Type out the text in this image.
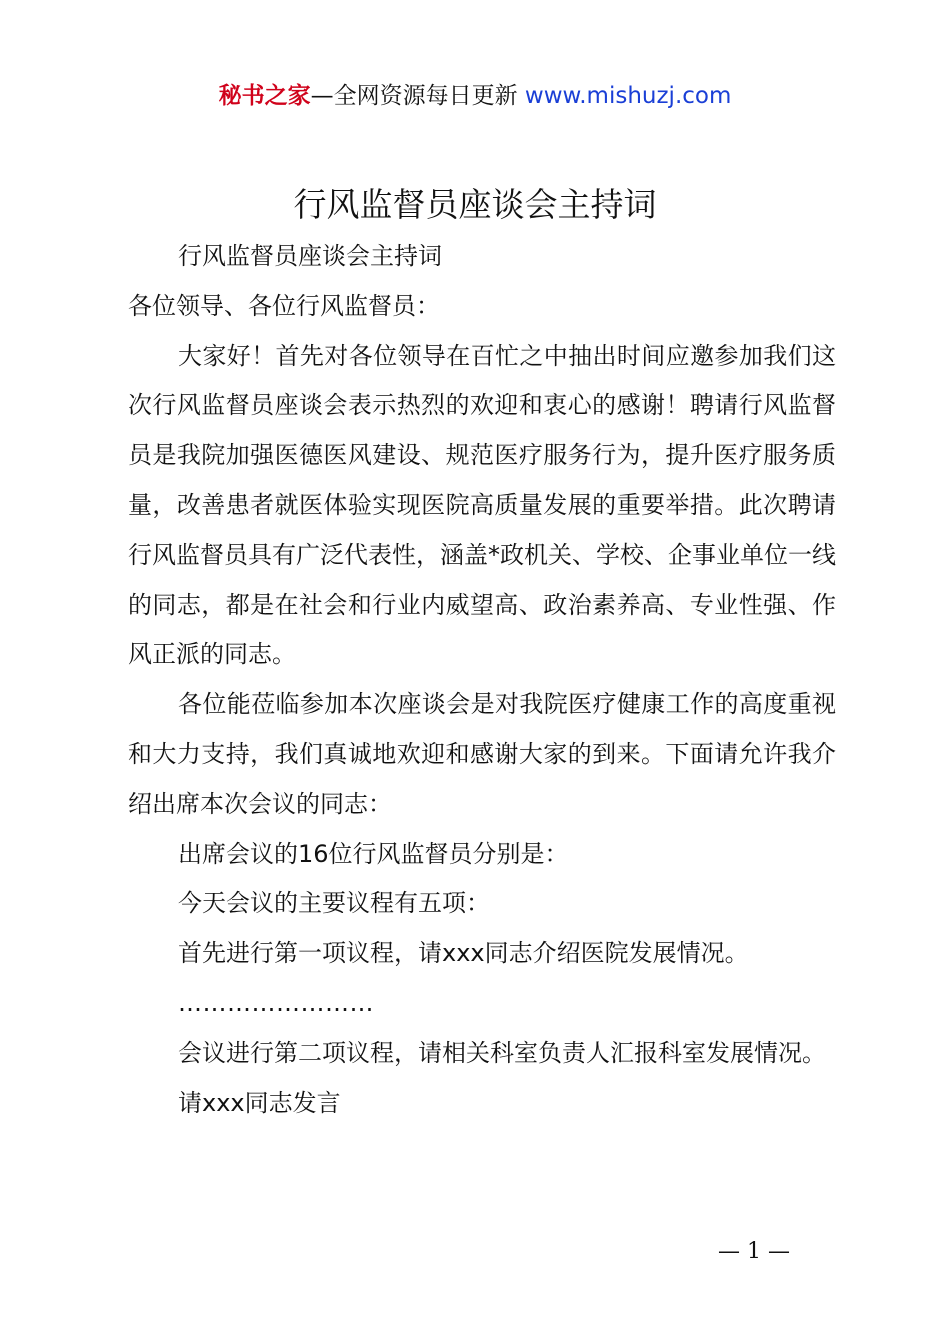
秘书之家—全网资源每日更新 www.mishuzj.com
行风监督员座谈会主持词

行风监督员座谈会主持词

各位领导、各位行风监督员：

大家好！首先对各位领导在百忙之中抽出时间应邀参加我们这次行风监督员座谈会表示热烈的欢迎和衷心的感谢！聘请行风监督员是我院加强医德医风建设、规范医疗服务行为，提升医疗服务质量，改善患者就医体验实现医院高质量发展的重要举措。此次聘请行风监督员具有广泛代表性，涵盖*政机关、学校、企事业单位一线的同志，都是在社会和行业内威望高、政治素养高、专业性强、作风正派的同志。

各位能莅临参加本次座谈会是对我院医疗健康工作的高度重视和大力支持，我们真诚地欢迎和感谢大家的到来。下面请允许我介绍出席本次会议的同志：

出席会议的16位行风监督员分别是：

今天会议的主要议程有五项：

首先进行第一项议程，请xxx同志介绍医院发展情况。

……………………

会议进行第二项议程，请相关科室负责人汇报科室发展情况。

请xxx同志发言

— 1 —
